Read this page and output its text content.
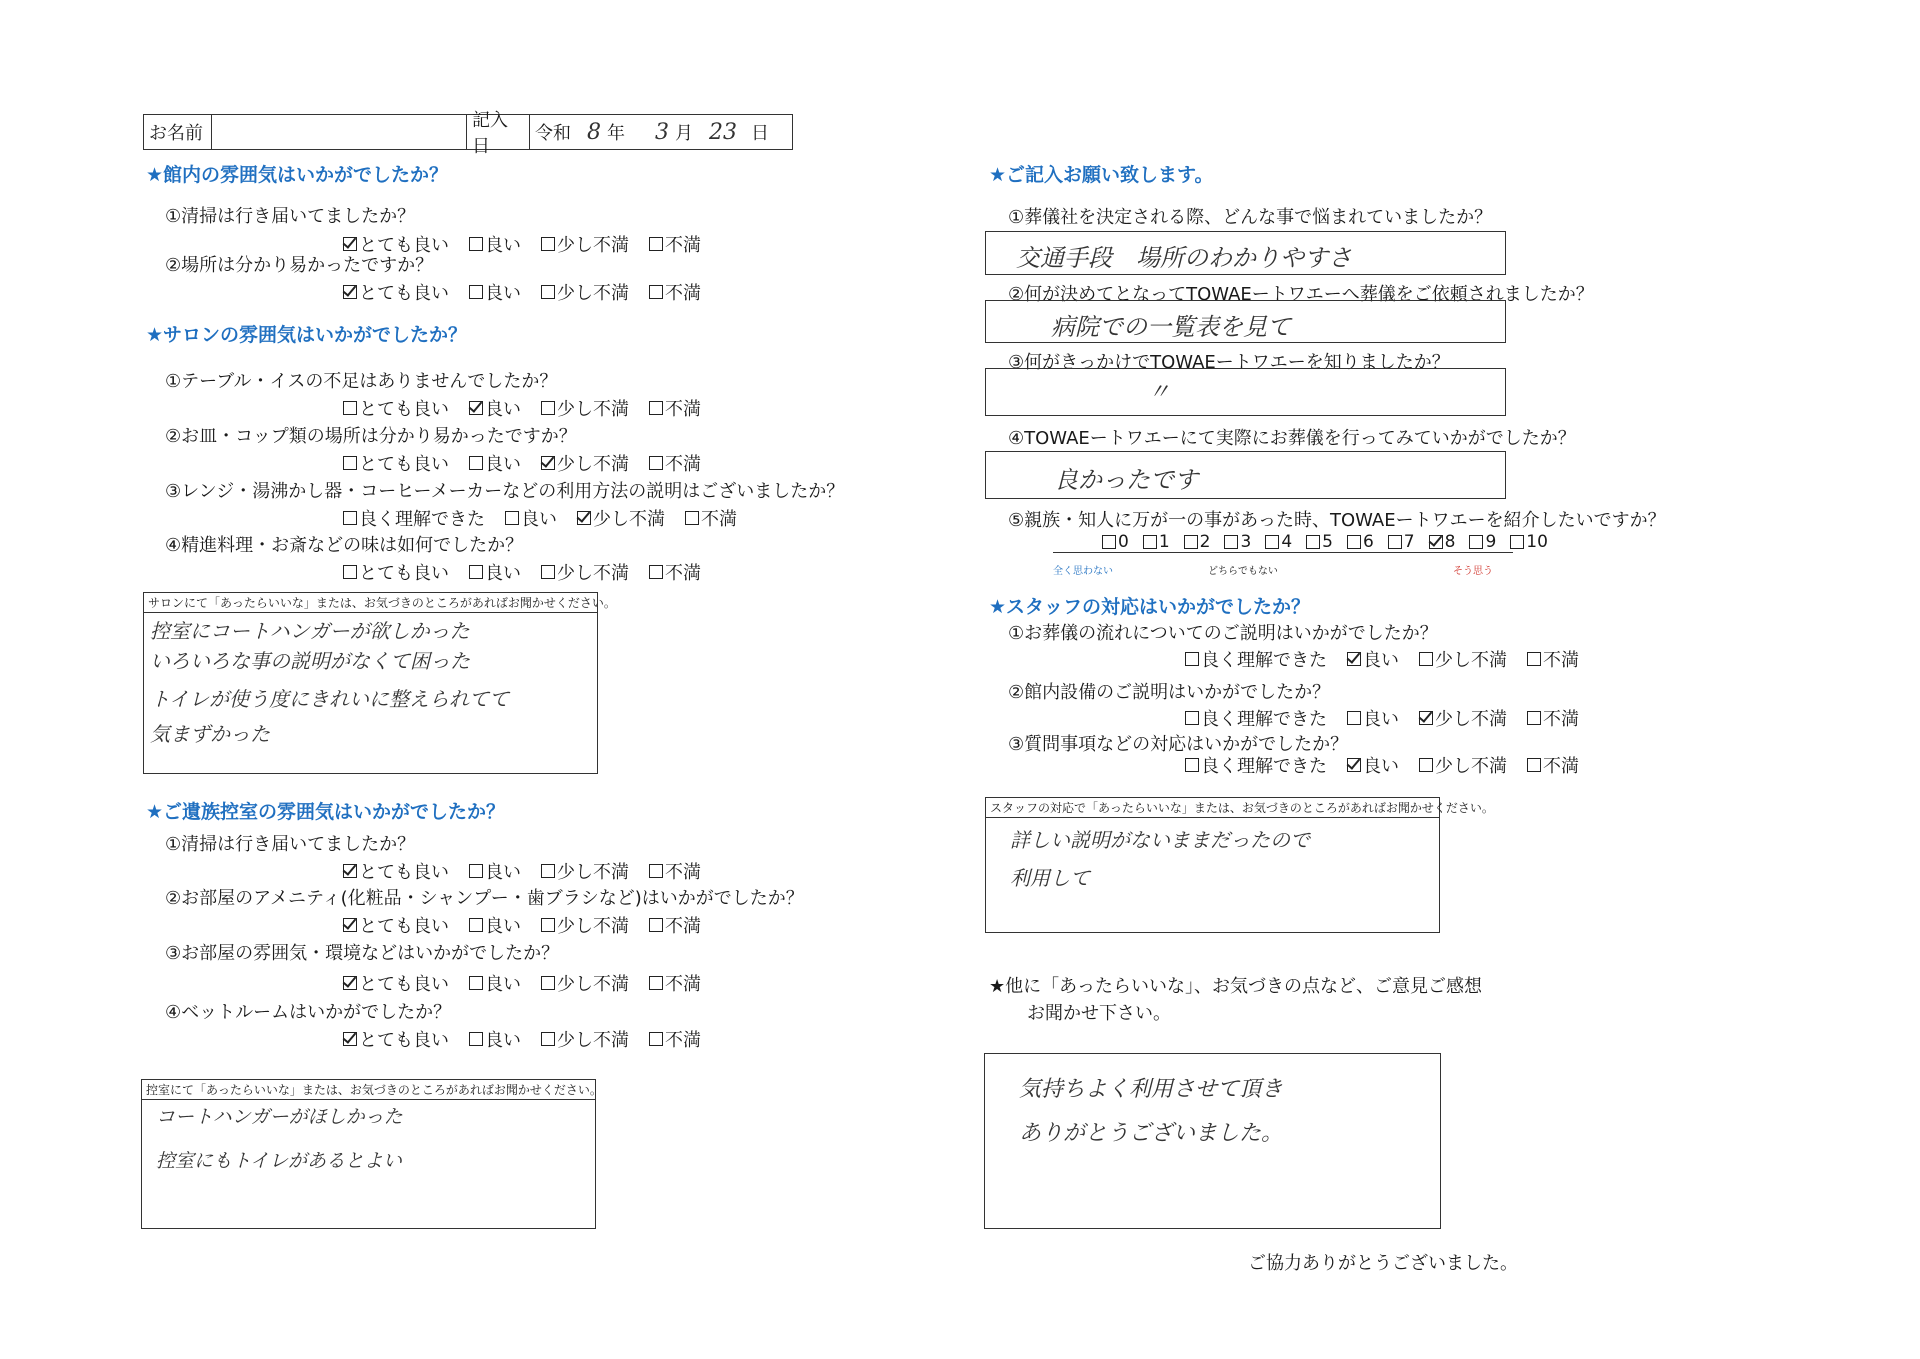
お名前
記入日
令和 8 年 3 月 23 日
★館内の雰囲気はいかがでしたか？
①清掃は行き届いてましたか？
とても良い 良い 少し不満 不満
②場所は分かり易かったですか？
とても良い 良い 少し不満 不満
★サロンの雰囲気はいかがでしたか？
①テーブル・イスの不足はありませんでしたか？
とても良い 良い 少し不満 不満
②お皿・コップ類の場所は分かり易かったですか？
とても良い 良い 少し不満 不満
③レンジ・湯沸かし器・コーヒーメーカーなどの利用方法の説明はございましたか？
良く理解できた 良い 少し不満 不満
④精進料理・お斎などの味は如何でしたか？
とても良い 良い 少し不満 不満
サロンにて「あったらいいな」または、お気づきのところがあればお聞かせください。
控室にコートハンガーが欲しかった
いろいろな事の説明がなくて困った
トイレが使う度にきれいに整えられてて
気まずかった
★ご遺族控室の雰囲気はいかがでしたか？
①清掃は行き届いてましたか？
とても良い 良い 少し不満 不満
②お部屋のアメニティ(化粧品・シャンプー・歯ブラシなど)はいかがでしたか？
とても良い 良い 少し不満 不満
③お部屋の雰囲気・環境などはいかがでしたか？
とても良い 良い 少し不満 不満
④ベットルームはいかがでしたか？
とても良い 良い 少し不満 不満
控室にて「あったらいいな」または、お気づきのところがあればお聞かせください。
コートハンガーがほしかった
控室にもトイレがあるとよい
★ご記入お願い致します。
①葬儀社を決定される際、どんな事で悩まれていましたか？
交通手段　場所のわかりやすさ
②何が決めてとなってTOWAEートワエーへ葬儀をご依頼されましたか？
病院での一覧表を見て
③何がきっかけでTOWAEートワエーを知りましたか？
〃
④TOWAEートワエーにて実際にお葬儀を行ってみていかがでしたか？
良かったです
⑤親族・知人に万が一の事があった時、TOWAEートワエーを紹介したいですか？
0 1 2 3 4 5 6 7 8 9 10
全く思わない	どちらでもない	そう思う
★スタッフの対応はいかがでしたか？
①お葬儀の流れについてのご説明はいかがでしたか？
良く理解できた 良い 少し不満 不満
②館内設備のご説明はいかがでしたか？
良く理解できた 良い 少し不満 不満
③質問事項などの対応はいかがでしたか？
良く理解できた 良い 少し不満 不満
スタッフの対応で「あったらいいな」または、お気づきのところがあればお聞かせください。
詳しい説明がないままだったので
利用して
★他に「あったらいいな」、お気づきの点など、ご意見ご感想
お聞かせ下さい。
気持ちよく利用させて頂き
ありがとうございました。
ご協力ありがとうございました。
